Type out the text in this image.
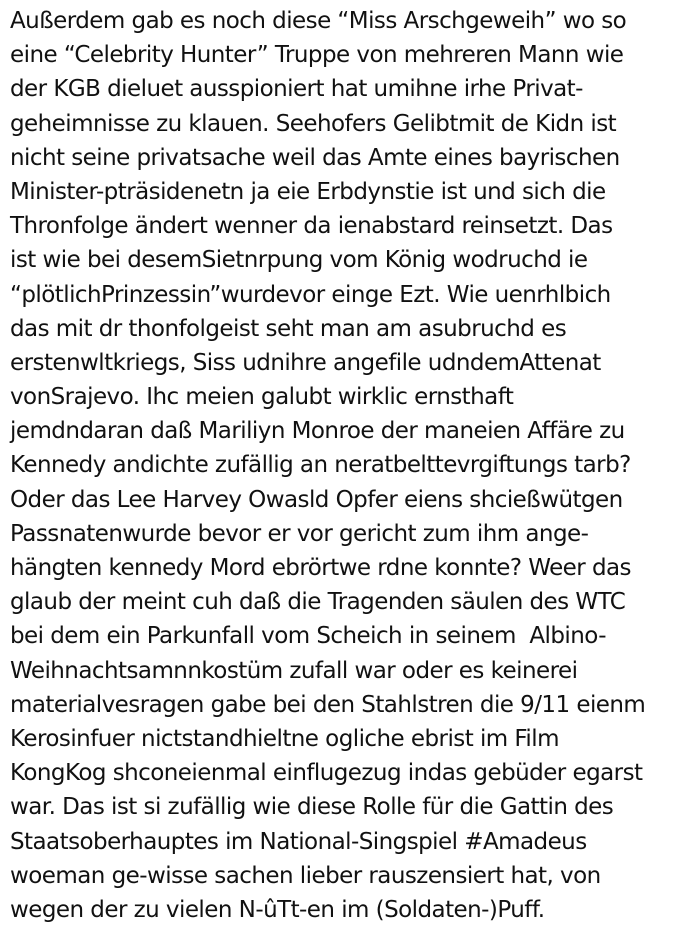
Außerdem gab es noch diese “Miss Arschgeweih” wo so
eine “Celebrity Hunter” Truppe von mehreren Mann wie
der KGB dieluet ausspioniert hat umihne irhe Privat-
geheimnisse zu klauen. Seehofers Gelibtmit de Kidn ist
nicht seine privatsache weil das Amte eines bayrischen
Minister-pträsidenetn ja eie Erbdynstie ist und sich die
Thronfolge ändert wenner da ienabstard reinsetzt. Das
ist wie bei desemSietnrpung vom König wodruchd ie
“plötlichPrinzessin”wurdevor einge Ezt. Wie uenrhlbich
das mit dr thonfolgeist seht man am asubruchd es
erstenwltkriegs, Siss udnihre angefile udndemAttenat
vonSrajevo. Ihc meien galubt wirklic ernsthaft
jemdndaran daß Mariliyn Monroe der maneien Affäre zu
Kennedy andichte zufällig an neratbelttevrgiftungs tarb?
Oder das Lee Harvey Owasld Opfer eiens shcießwütgen
Passnatenwurde bevor er vor gericht zum ihm ange-
hängten kennedy Mord ebrörtwe rdne konnte? Weer das
glaub der meint cuh daß die Tragenden säulen des WTC
bei dem ein Parkunfall vom Scheich in seinem  Albino-
Weihnachtsamnnkostüm zufall war oder es keinerei
materialvesragen gabe bei den Stahlstren die 9/11 eienm
Kerosinfuer nictstandhieltne ogliche ebrist im Film
KongKog shconeienmal einflugezug indas gebüder egarst
war. Das ist si zufällig wie diese Rolle für die Gattin des
Staatsoberhauptes im National-Singspiel #Amadeus
woeman ge-wisse sachen lieber rauszensiert hat, von
wegen der zu vielen N-ûTt-en im (Soldaten-)Puff.
